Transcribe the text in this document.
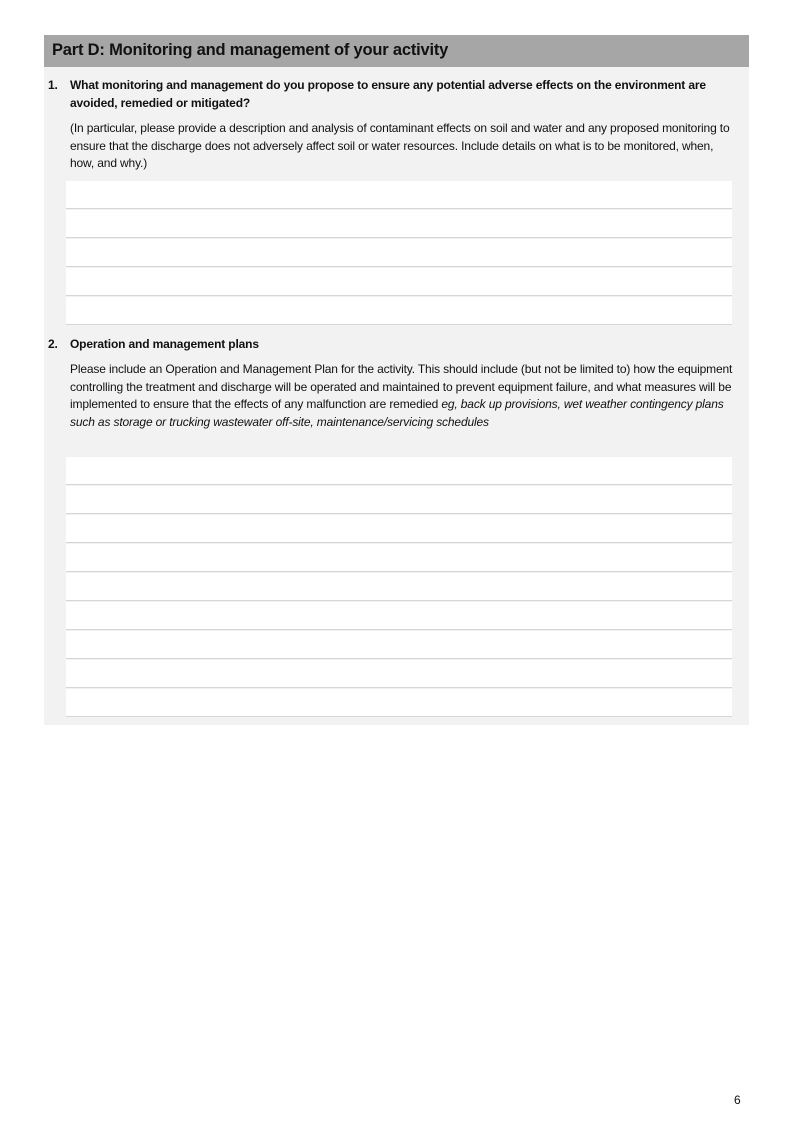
Part D: Monitoring and management of your activity
1. What monitoring and management do you propose to ensure any potential adverse effects on the environment are avoided, remedied or mitigated?
(In particular, please provide a description and analysis of contaminant effects on soil and water and any proposed monitoring to ensure that the discharge does not adversely affect soil or water resources. Include details on what is to be monitored, when, how, and why.)
2. Operation and management plans
Please include an Operation and Management Plan for the activity. This should include (but not be limited to) how the equipment controlling the treatment and discharge will be operated and maintained to prevent equipment failure, and what measures will be implemented to ensure that the effects of any malfunction are remedied eg, back up provisions, wet weather contingency plans such as storage or trucking wastewater off-site, maintenance/servicing schedules
6
